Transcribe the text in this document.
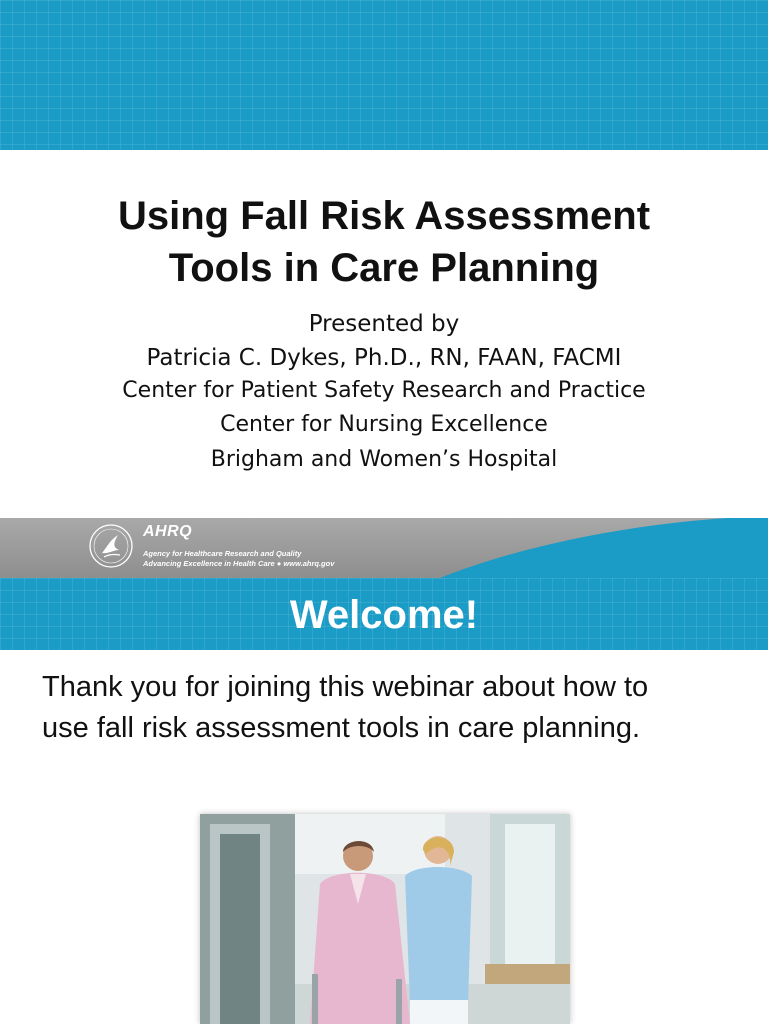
Using Fall Risk Assessment
Tools in Care Planning
Presented by
Patricia C. Dykes, Ph.D., RN, FAAN, FACMI
Center for Patient Safety Research and Practice
Center for Nursing Excellence
Brigham and Women’s Hospital
AHRQ
Agency for Healthcare Research and Quality
Advancing Excellence in Health Care ● www.ahrq.gov
Welcome!

Thank you for joining this webinar about how to use fall risk assessment tools in care planning.
